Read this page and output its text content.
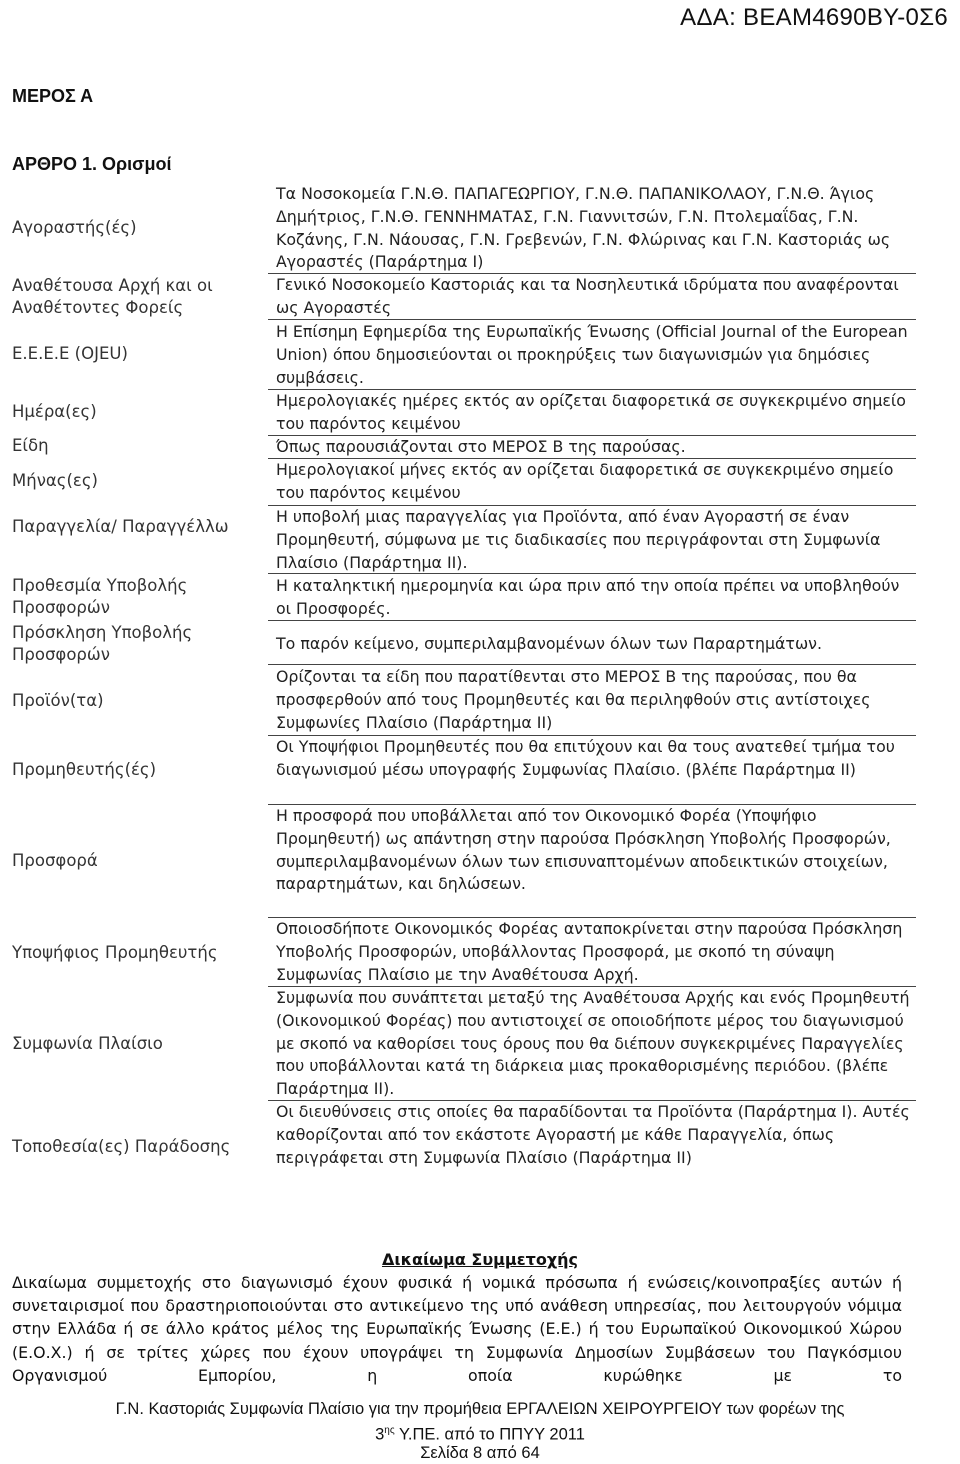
ΑΔΑ: ΒΕΑΜ4690ΒΥ-0Σ6
ΜΕΡΟΣ Α
ΑΡΘΡΟ 1. Ορισμοί
Αγοραστής(ές)
Αναθέτουσα Αρχή και οι Αναθέτοντες Φορείς
Ε.Ε.Ε.Ε (OJEU)
Ημέρα(ες)
Είδη
Μήνας(ες)
Παραγγελία/ Παραγγέλλω
Προθεσμία Υποβολής Προσφορών
Πρόσκληση Υποβολής Προσφορών
Προϊόν(τα)
Προμηθευτής(ές)
Προσφορά
Υποψήφιος Προμηθευτής
Συμφωνία Πλαίσιο
Τοποθεσία(ες) Παράδοσης
Τα Νοσοκομεία Γ.Ν.Θ. ΠΑΠΑΓΕΩΡΓΙΟΥ, Γ.Ν.Θ. ΠΑΠΑΝΙΚΟΛΑΟΥ, Γ.Ν.Θ. Άγιος Δημήτριος, Γ.Ν.Θ. ΓΕΝΝΗΜΑΤΑΣ, Γ.Ν. Γιαννιτσών, Γ.Ν. Πτολεμαΐδας, Γ.Ν. Κοζάνης, Γ.Ν. Νάουσας, Γ.Ν. Γρεβενών, Γ.Ν. Φλώρινας και Γ.Ν. Καστοριάς ως Αγοραστές (Παράρτημα Ι)
Γενικό Νοσοκομείο Καστοριάς και τα Νοσηλευτικά ιδρύματα που αναφέρονται ως Αγοραστές
Η Επίσημη Εφημερίδα της Ευρωπαϊκής Ένωσης (Official Journal of the European Union) όπου δημοσιεύονται οι προκηρύξεις των διαγωνισμών για δημόσιες συμβάσεις.
Ημερολογιακές ημέρες εκτός αν ορίζεται διαφορετικά σε συγκεκριμένο σημείο του παρόντος κειμένου
Όπως παρουσιάζονται στο ΜΕΡΟΣ Β της παρούσας.
Ημερολογιακοί μήνες εκτός αν ορίζεται διαφορετικά σε συγκεκριμένο σημείο του παρόντος κειμένου
Η υποβολή μιας παραγγελίας για Προϊόντα, από έναν Αγοραστή σε έναν Προμηθευτή, σύμφωνα με τις διαδικασίες που περιγράφονται στη Συμφωνία Πλαίσιο (Παράρτημα ΙΙ).
Η καταληκτική ημερομηνία και ώρα πριν από την οποία πρέπει να υποβληθούν οι Προσφορές.
Το παρόν κείμενο, συμπεριλαμβανομένων όλων των Παραρτημάτων.
Ορίζονται τα είδη που παρατίθενται στο ΜΕΡΟΣ Β της παρούσας, που θα προσφερθούν από τους Προμηθευτές και θα περιληφθούν στις αντίστοιχες Συμφωνίες Πλαίσιο (Παράρτημα ΙΙ)
Οι Υποψήφιοι Προμηθευτές που θα επιτύχουν και θα τους ανατεθεί τμήμα του διαγωνισμού μέσω υπογραφής Συμφωνίας Πλαίσιο. (βλέπε Παράρτημα ΙΙ)
Η προσφορά που υποβάλλεται από τον Οικονομικό Φορέα (Υποψήφιο Προμηθευτή) ως απάντηση στην παρούσα Πρόσκληση Υποβολής Προσφορών, συμπεριλαμβανομένων όλων των επισυναπτομένων αποδεικτικών στοιχείων, παραρτημάτων, και δηλώσεων.
Οποιοσδήποτε Οικονομικός Φορέας ανταποκρίνεται στην παρούσα Πρόσκληση Υποβολής Προσφορών, υποβάλλοντας Προσφορά, με σκοπό τη σύναψη Συμφωνίας Πλαίσιο με την Αναθέτουσα Αρχή.
Συμφωνία που συνάπτεται μεταξύ της Αναθέτουσα Αρχής και ενός Προμηθευτή (Οικονομικού Φορέας) που αντιστοιχεί σε οποιοδήποτε μέρος του διαγωνισμού με σκοπό να καθορίσει τους όρους που θα διέπουν συγκεκριμένες Παραγγελίες που υποβάλλονται κατά τη διάρκεια μιας προκαθορισμένης περιόδου. (βλέπε Παράρτημα ΙΙ).
Οι διευθύνσεις στις οποίες θα παραδίδονται τα Προϊόντα (Παράρτημα Ι). Αυτές καθορίζονται από τον εκάστοτε Αγοραστή με κάθε Παραγγελία, όπως περιγράφεται στη Συμφωνία Πλαίσιο (Παράρτημα ΙΙ)
Δικαίωμα Συμμετοχής
Δικαίωμα συμμετοχής στο διαγωνισμό έχουν φυσικά ή νομικά πρόσωπα ή ενώσεις/κοινοπραξίες αυτών ή συνεταιρισμοί που δραστηριοποιούνται στο αντικείμενο της υπό ανάθεση υπηρεσίας, που λειτουργούν νόμιμα στην Ελλάδα ή σε άλλο κράτος μέλος της Ευρωπαϊκής Ένωσης (Ε.Ε.) ή του Ευρωπαϊκού Οικονομικού Χώρου (Ε.Ο.Χ.) ή σε τρίτες χώρες που έχουν υπογράψει τη Συμφωνία Δημοσίων Συμβάσεων του Παγκόσμιου Οργανισμού Εμπορίου, η οποία κυρώθηκε με το
Γ.Ν. Καστοριάς Συμφωνία Πλαίσιο για την προμήθεια ΕΡΓΑΛΕΙΩΝ ΧΕΙΡΟΥΡΓΕΙΟΥ των φορέων της
$3^{\eta\varsigma}$ Υ.ΠΕ. από το ΠΠΥΥ 2011
Σελίδα 8 από 64
